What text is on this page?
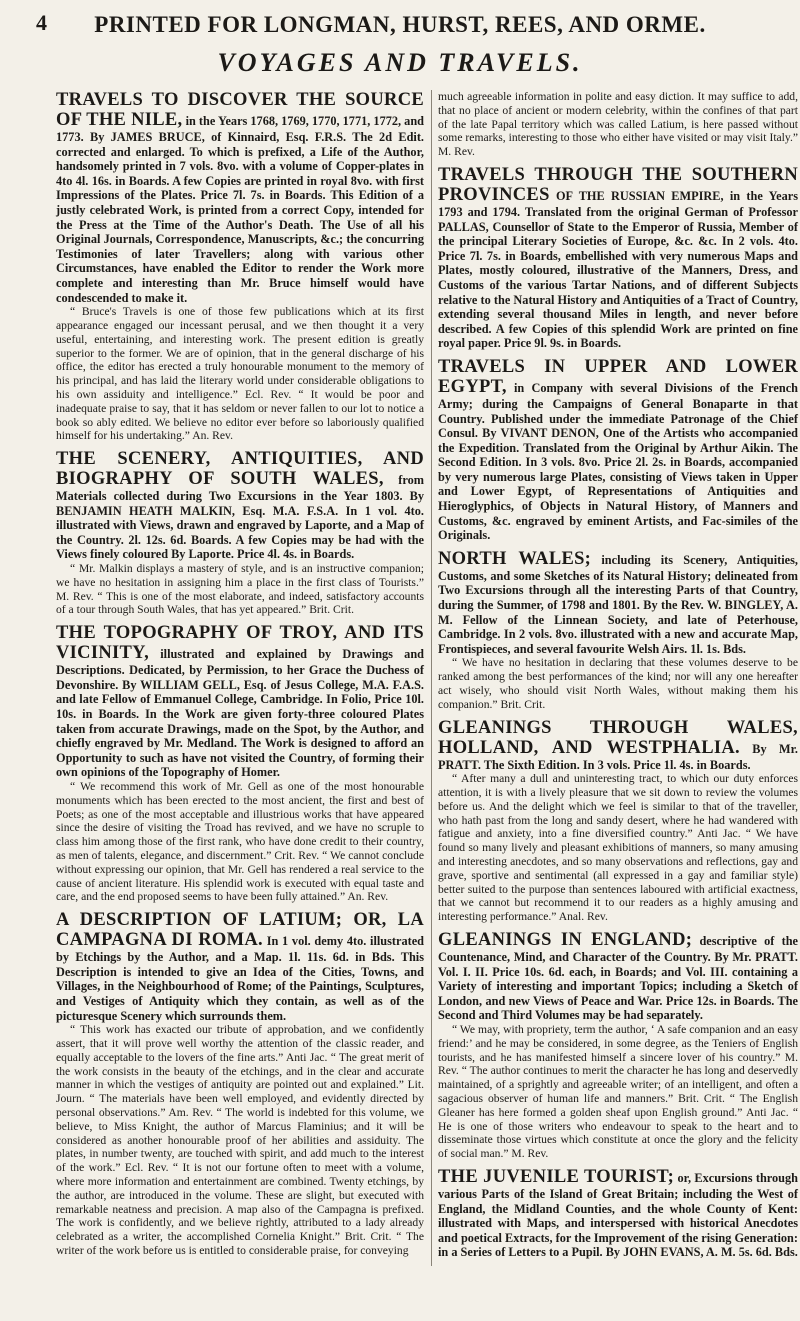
4	PRINTED FOR LONGMAN, HURST, REES, AND ORME.
VOYAGES AND TRAVELS.

TRAVELS TO DISCOVER THE SOURCE OF THE NILE, in the Years 1768, 1769, 1770, 1771, 1772, and 1773. By JAMES BRUCE, of Kinnaird, Esq. F.R.S. The 2d Edit. corrected and enlarged. To which is prefixed, a Life of the Author, handsomely printed in 7 vols. 8vo. with a volume of Copper-plates in 4to 4l. 16s. in Boards. A few Copies are printed in royal 8vo. with first Impressions of the Plates. Price 7l. 7s. in Boards. This Edition of a justly celebrated Work, is printed from a correct Copy, intended for the Press at the Time of the Author's Death. The Use of all his Original Journals, Correspondence, Manuscripts, &c.; the concurring Testimonies of later Travellers; along with various other Circumstances, have enabled the Editor to render the Work more complete and interesting than Mr. Bruce himself would have condescended to make it.

“ Bruce's Travels is one of those few publications which at its first appearance engaged our incessant perusal, and we then thought it a very useful, entertaining, and interesting work. The present edition is greatly superior to the former. We are of opinion, that in the general discharge of his office, the editor has erected a truly honourable monument to the memory of his principal, and has laid the literary world under considerable obligations to his own assiduity and intelligence.” Ecl. Rev. “ It would be poor and inadequate praise to say, that it has seldom or never fallen to our lot to notice a book so ably edited. We believe no editor ever before so laboriously qualified himself for his undertaking.” An. Rev.

THE SCENERY, ANTIQUITIES, AND BIOGRAPHY OF SOUTH WALES, from Materials collected during Two Excursions in the Year 1803. By BENJAMIN HEATH MALKIN, Esq. M.A. F.S.A. In 1 vol. 4to. illustrated with Views, drawn and engraved by Laporte, and a Map of the Country. 2l. 12s. 6d. Boards. A few Copies may be had with the Views finely coloured By Laporte. Price 4l. 4s. in Boards.

“ Mr. Malkin displays a mastery of style, and is an instructive companion; we have no hesitation in assigning him a place in the first class of Tourists.” M. Rev. “ This is one of the most elaborate, and indeed, satisfactory accounts of a tour through South Wales, that has yet appeared.” Brit. Crit.

THE TOPOGRAPHY OF TROY, AND ITS VICINITY, illustrated and explained by Drawings and Descriptions. Dedicated, by Permission, to her Grace the Duchess of Devonshire. By WILLIAM GELL, Esq. of Jesus College, M.A. F.A.S. and late Fellow of Emmanuel College, Cambridge. In Folio, Price 10l. 10s. in Boards. In the Work are given forty-three coloured Plates taken from accurate Drawings, made on the Spot, by the Author, and chiefly engraved by Mr. Medland. The Work is designed to afford an Opportunity to such as have not visited the Country, of forming their own opinions of the Topography of Homer.

“ We recommend this work of Mr. Gell as one of the most honourable monuments which has been erected to the most ancient, the first and best of Poets; as one of the most acceptable and illustrious works that have appeared since the desire of visiting the Troad has revived, and we have no scruple to class him among those of the first rank, who have done credit to their country, as men of talents, elegance, and discernment.” Crit. Rev. “ We cannot conclude without expressing our opinion, that Mr. Gell has rendered a real service to the cause of ancient literature. His splendid work is executed with equal taste and care, and the end proposed seems to have been fully attained.” An. Rev.

A DESCRIPTION OF LATIUM; OR, LA CAMPAGNA DI ROMA. In 1 vol. demy 4to. illustrated by Etchings by the Author, and a Map. 1l. 11s. 6d. in Bds. This Description is intended to give an Idea of the Cities, Towns, and Villages, in the Neighbourhood of Rome; of the Paintings, Sculptures, and Vestiges of Antiquity which they contain, as well as of the picturesque Scenery which surrounds them.

“ This work has exacted our tribute of approbation, and we confidently assert, that it will prove well worthy the attention of the classic reader, and equally acceptable to the lovers of the fine arts.” Anti Jac. “ The great merit of the work consists in the beauty of the etchings, and in the clear and accurate manner in which the vestiges of antiquity are pointed out and explained.” Lit. Journ. “ The materials have been well employed, and evidently directed by personal observations.” Am. Rev. “ The world is indebted for this volume, we believe, to Miss Knight, the author of Marcus Flaminius; and it will be considered as another honourable proof of her abilities and assiduity. The plates, in number twenty, are touched with spirit, and add much to the interest of the work.” Ecl. Rev. “ It is not our fortune often to meet with a volume, where more information and entertainment are combined. Twenty etchings, by the author, are introduced in the volume. These are slight, but executed with remarkable neatness and precision. A map also of the Campagna is prefixed. The work is confidently, and we believe rightly, attributed to a lady already celebrated as a writer, the accomplished Cornelia Knight.” Brit. Crit. “ The writer of the work before us is entitled to considerable praise, for conveying

much agreeable information in polite and easy diction. It may suffice to add, that no place of ancient or modern celebrity, within the confines of that part of the late Papal territory which was called Latium, is here passed without some remarks, interesting to those who either have visited or may visit Italy.” M. Rev.

TRAVELS THROUGH THE SOUTHERN PROVINCES OF THE RUSSIAN EMPIRE, in the Years 1793 and 1794. Translated from the original German of Professor PALLAS, Counsellor of State to the Emperor of Russia, Member of the principal Literary Societies of Europe, &c. &c. In 2 vols. 4to. Price 7l. 7s. in Boards, embellished with very numerous Maps and Plates, mostly coloured, illustrative of the Manners, Dress, and Customs of the various Tartar Nations, and of different Subjects relative to the Natural History and Antiquities of a Tract of Country, extending several thousand Miles in length, and never before described. A few Copies of this splendid Work are printed on fine royal paper. Price 9l. 9s. in Boards.

TRAVELS IN UPPER AND LOWER EGYPT, in Company with several Divisions of the French Army; during the Campaigns of General Bonaparte in that Country. Published under the immediate Patronage of the Chief Consul. By VIVANT DENON, One of the Artists who accompanied the Expedition. Translated from the Original by Arthur Aikin. The Second Edition. In 3 vols. 8vo. Price 2l. 2s. in Boards, accompanied by very numerous large Plates, consisting of Views taken in Upper and Lower Egypt, of Representations of Antiquities and Hieroglyphics, of Objects in Natural History, of Manners and Customs, &c. engraved by eminent Artists, and Fac-similes of the Originals.

NORTH WALES; including its Scenery, Antiquities, Customs, and some Sketches of its Natural History; delineated from Two Excursions through all the interesting Parts of that Country, during the Summer, of 1798 and 1801. By the Rev. W. BINGLEY, A. M. Fellow of the Linnean Society, and late of Peterhouse, Cambridge. In 2 vols. 8vo. illustrated with a new and accurate Map, Frontispieces, and several favourite Welsh Airs. 1l. 1s. Bds.

“ We have no hesitation in declaring that these volumes deserve to be ranked among the best performances of the kind; nor will any one hereafter act wisely, who should visit North Wales, without making them his companion.” Brit. Crit.

GLEANINGS THROUGH WALES, HOLLAND, AND WESTPHALIA. By Mr. PRATT. The Sixth Edition. In 3 vols. Price 1l. 4s. in Boards.

“ After many a dull and uninteresting tract, to which our duty enforces attention, it is with a lively pleasure that we sit down to review the volumes before us. And the delight which we feel is similar to that of the traveller, who hath past from the long and sandy desert, where he had wandered with fatigue and anxiety, into a fine diversified country.” Anti Jac. “ We have found so many lively and pleasant exhibitions of manners, so many amusing and interesting anecdotes, and so many observations and reflections, gay and grave, sportive and sentimental (all expressed in a gay and familiar style) better suited to the purpose than sentences laboured with artificial exactness, that we cannot but recommend it to our readers as a highly amusing and interesting performance.” Anal. Rev.

GLEANINGS IN ENGLAND; descriptive of the Countenance, Mind, and Character of the Country. By Mr. PRATT. Vol. I. II. Price 10s. 6d. each, in Boards; and Vol. III. containing a Variety of interesting and important Topics; including a Sketch of London, and new Views of Peace and War. Price 12s. in Boards. The Second and Third Volumes may be had separately.

“ We may, with propriety, term the author, ‘ A safe companion and an easy friend:’ and he may be considered, in some degree, as the Teniers of English tourists, and he has manifested himself a sincere lover of his country.” M. Rev. “ The author continues to merit the character he has long and deservedly maintained, of a sprightly and agreeable writer; of an intelligent, and often a sagacious observer of human life and manners.” Brit. Crit. “ The English Gleaner has here formed a golden sheaf upon English ground.” Anti Jac. “ He is one of those writers who endeavour to speak to the heart and to disseminate those virtues which constitute at once the glory and the felicity of social man.” M. Rev.

THE JUVENILE TOURIST; or, Excursions through various Parts of the Island of Great Britain; including the West of England, the Midland Counties, and the whole County of Kent: illustrated with Maps, and interspersed with historical Anecdotes and poetical Extracts, for the Improvement of the rising Generation: in a Series of Letters to a Pupil. By JOHN EVANS, A. M. 5s. 6d. Bds.
